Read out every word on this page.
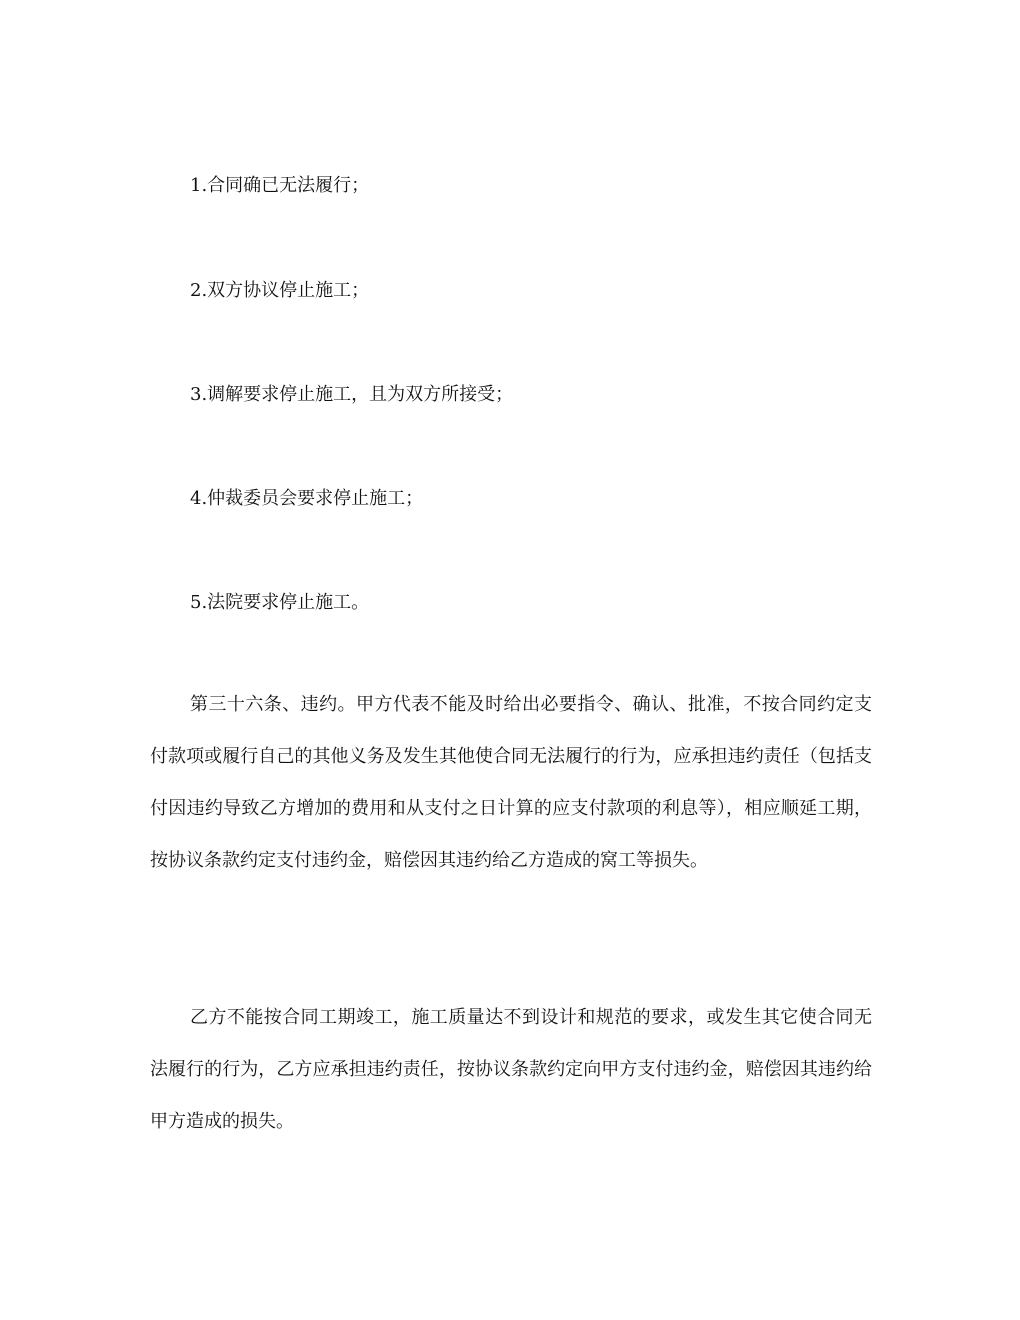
1.合同确已无法履行；
2.双方协议停止施工；
3.调解要求停止施工，且为双方所接受；
4.仲裁委员会要求停止施工；
5.法院要求停止施工。

第三十六条、违约。甲方代表不能及时给出必要指令、确认、批准，不按合同约定支付款项或履行自己的其他义务及发生其他使合同无法履行的行为，应承担违约责任（包括支付因违约导致乙方增加的费用和从支付之日计算的应支付款项的利息等），相应顺延工期，按协议条款约定支付违约金，赔偿因其违约给乙方造成的窝工等损失。

乙方不能按合同工期竣工，施工质量达不到设计和规范的要求，或发生其它使合同无法履行的行为，乙方应承担违约责任，按协议条款约定向甲方支付违约金，赔偿因其违约给甲方造成的损失。
